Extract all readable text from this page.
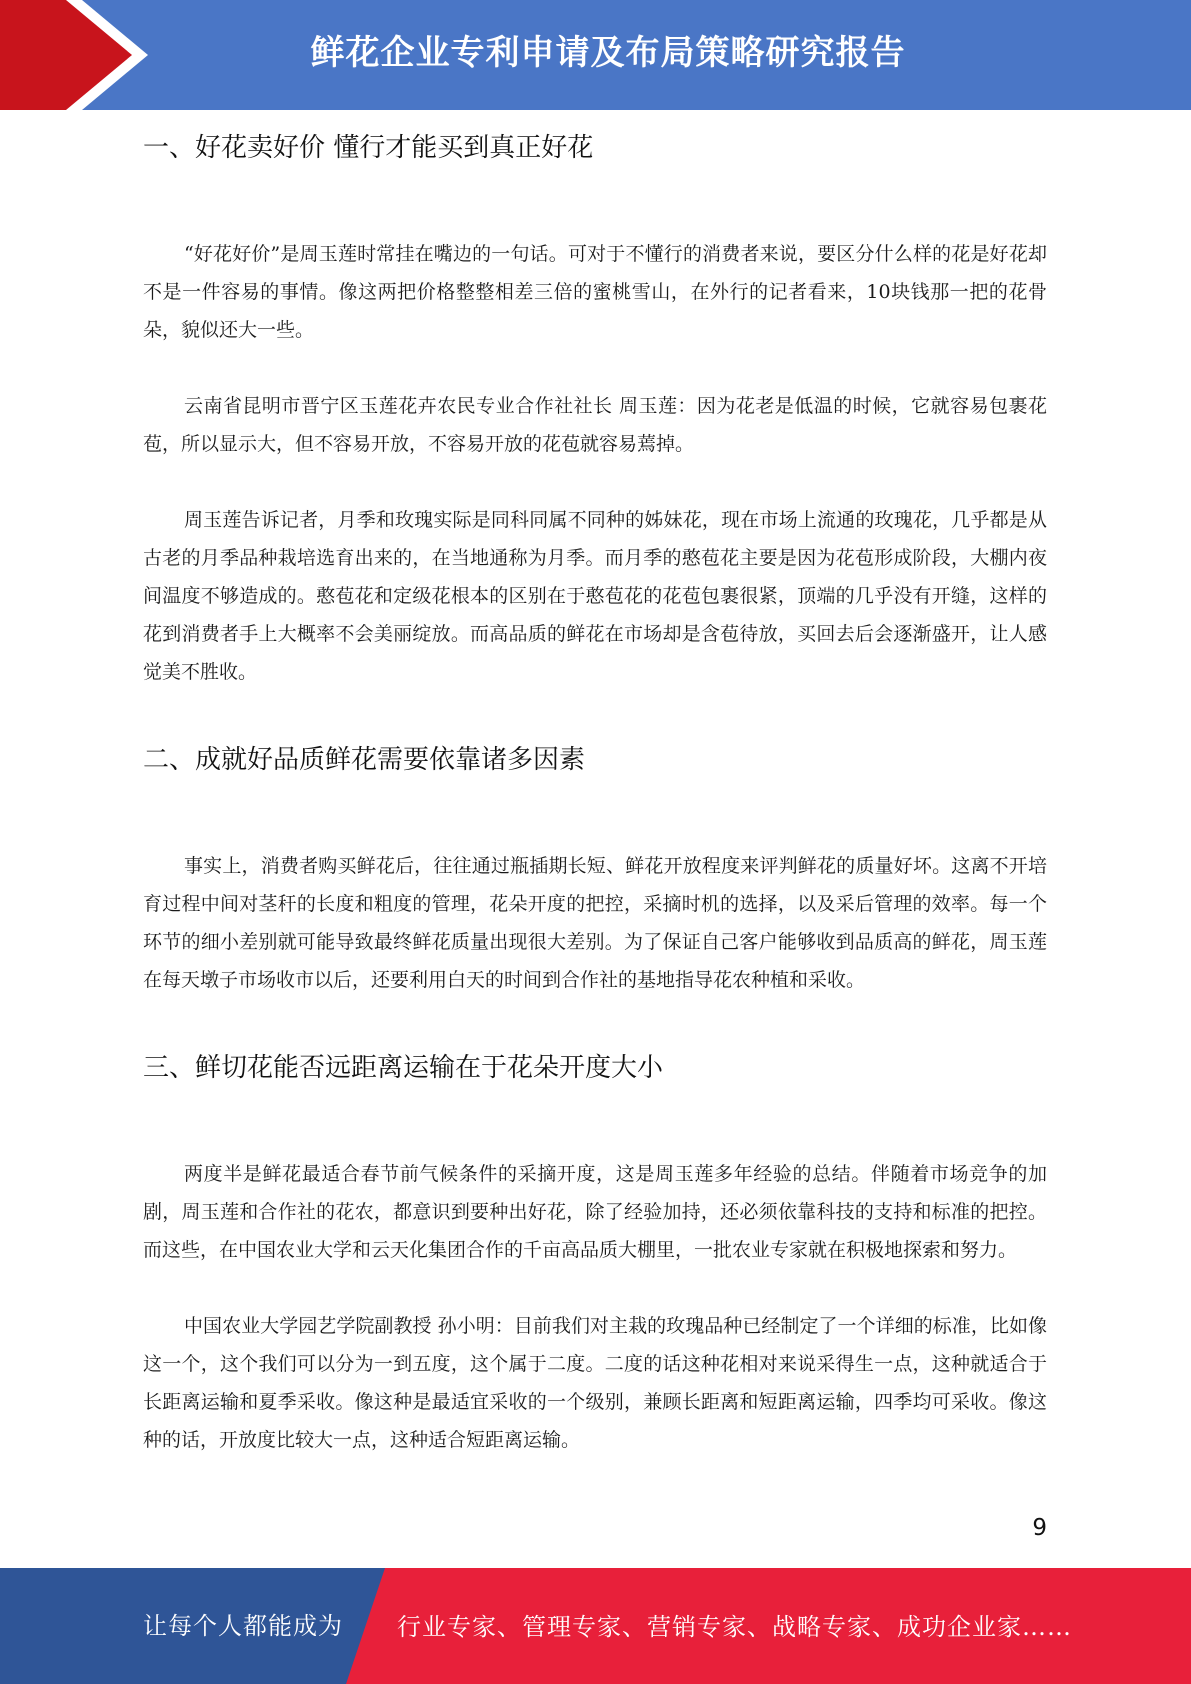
鲜花企业专利申请及布局策略研究报告
一、好花卖好价 懂行才能买到真正好花

“好花好价”是周玉莲时常挂在嘴边的一句话。可对于不懂行的消费者来说，要区分什么样的花是好花却不是一件容易的事情。像这两把价格整整相差三倍的蜜桃雪山，在外行的记者看来，10块钱那一把的花骨朵，貌似还大一些。

云南省昆明市晋宁区玉莲花卉农民专业合作社社长 周玉莲：因为花老是低温的时候，它就容易包裹花苞，所以显示大，但不容易开放，不容易开放的花苞就容易蔫掉。

周玉莲告诉记者，月季和玫瑰实际是同科同属不同种的姊妹花，现在市场上流通的玫瑰花，几乎都是从古老的月季品种栽培选育出来的，在当地通称为月季。而月季的憨苞花主要是因为花苞形成阶段，大棚内夜间温度不够造成的。憨苞花和定级花根本的区别在于憨苞花的花苞包裹很紧，顶端的几乎没有开缝，这样的花到消费者手上大概率不会美丽绽放。而高品质的鲜花在市场却是含苞待放，买回去后会逐渐盛开，让人感觉美不胜收。

二、成就好品质鲜花需要依靠诸多因素

事实上，消费者购买鲜花后，往往通过瓶插期长短、鲜花开放程度来评判鲜花的质量好坏。这离不开培育过程中间对茎秆的长度和粗度的管理，花朵开度的把控，采摘时机的选择，以及采后管理的效率。每一个环节的细小差别就可能导致最终鲜花质量出现很大差别。为了保证自己客户能够收到品质高的鲜花，周玉莲在每天墩子市场收市以后，还要利用白天的时间到合作社的基地指导花农种植和采收。

三、鲜切花能否远距离运输在于花朵开度大小

两度半是鲜花最适合春节前气候条件的采摘开度，这是周玉莲多年经验的总结。伴随着市场竞争的加剧，周玉莲和合作社的花农，都意识到要种出好花，除了经验加持，还必须依靠科技的支持和标准的把控。而这些，在中国农业大学和云天化集团合作的千亩高品质大棚里，一批农业专家就在积极地探索和努力。

中国农业大学园艺学院副教授 孙小明：目前我们对主栽的玫瑰品种已经制定了一个详细的标准，比如像这一个，这个我们可以分为一到五度，这个属于二度。二度的话这种花相对来说采得生一点，这种就适合于长距离运输和夏季采收。像这种是最适宜采收的一个级别，兼顾长距离和短距离运输，四季均可采收。像这种的话，开放度比较大一点，这种适合短距离运输。

9
让每个人都能成为 行业专家、管理专家、营销专家、战略专家、成功企业家……
